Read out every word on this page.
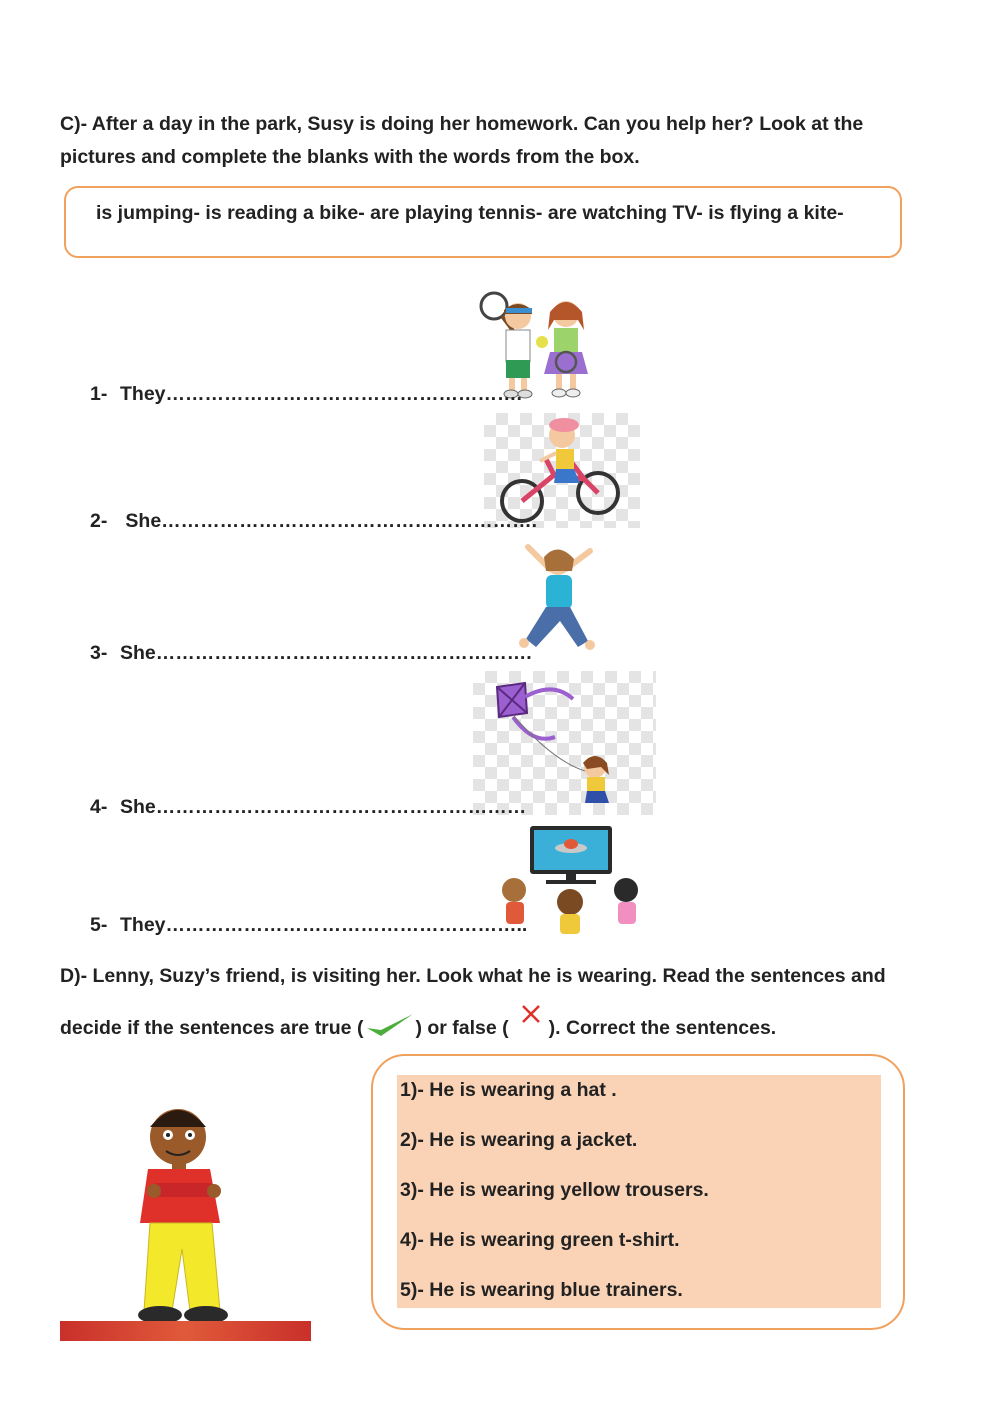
C)- After a day in the park, Susy is doing her homework. Can you help her? Look at the
pictures and complete the blanks with the words from the box.
is jumping- is reading a bike- are playing tennis- are watching TV- is flying a kite-
1- They……………………………………………….
2- She………………………………………………….
3- She………………………………………………….
4- She…………………………………………………
5- They………………………………………………..
D)- Lenny, Suzy’s friend, is visiting her. Look what he is wearing. Read the sentences and
decide if the sentences are true (	) or false ( ). Correct the sentences.
1)- He is wearing a hat .
2)- He is wearing a jacket.
3)- He is wearing yellow trousers.
4)- He is wearing green t-shirt.
5)- He is wearing blue trainers.
